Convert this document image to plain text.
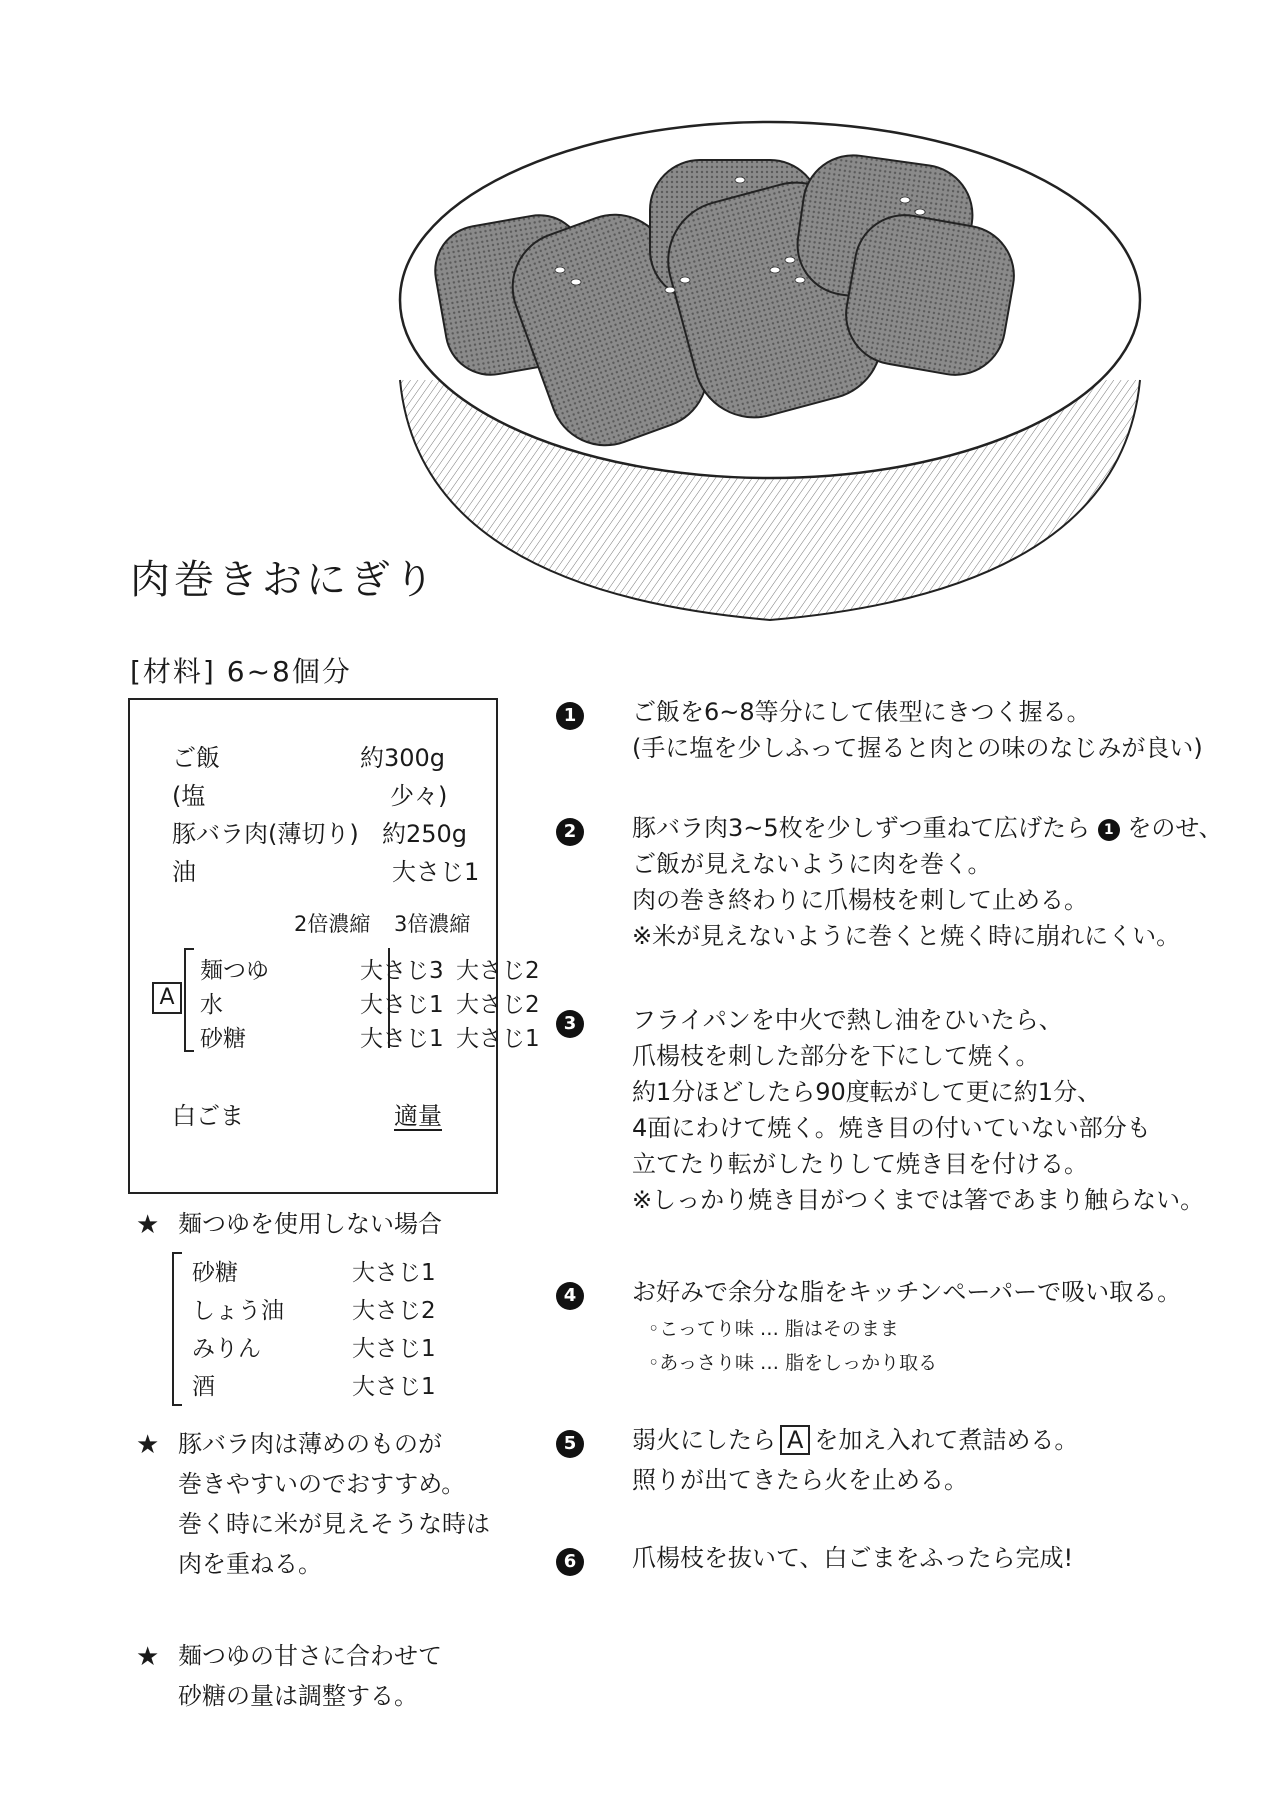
肉巻きおにぎり
[材料] 6~8個分
ご飯	約300g
(塩	少々)
豚バラ肉(薄切り) 約250g
油	大さじ1
2倍濃縮 3倍濃縮
A
麺つゆ	大さじ3 大さじ2
水	大さじ1 大さじ2
砂糖	大さじ1 大さじ1
白ごま	適量
★ 麺つゆを使用しない場合
砂糖	大さじ1
しょう油	大さじ2
みりん	大さじ1
酒	大さじ1
★ 豚バラ肉は薄めのものが
巻きやすいのでおすすめ。
巻く時に米が見えそうな時は
肉を重ねる。
★ 麺つゆの甘さに合わせて
砂糖の量は調整する。
1	ご飯を6~8等分にして俵型にきつく握る。
(手に塩を少しふって握ると肉との味のなじみが良い)
2	豚バラ肉3~5枚を少しずつ重ねて広げたら 1 をのせ、
ご飯が見えないように肉を巻く。
肉の巻き終わりに爪楊枝を刺して止める。
※米が見えないように巻くと焼く時に崩れにくい。
3	フライパンを中火で熱し油をひいたら、
爪楊枝を刺した部分を下にして焼く。
約1分ほどしたら90度転がして更に約1分、
4面にわけて焼く。焼き目の付いていない部分も
立てたり転がしたりして焼き目を付ける。
※しっかり焼き目がつくまでは箸であまり触らない。
4	お好みで余分な脂をキッチンペーパーで吸い取る。
◦こってり味 … 脂はそのまま
◦あっさり味 … 脂をしっかり取る
5	弱火にしたら A を加え入れて煮詰める。
照りが出てきたら火を止める。
6	爪楊枝を抜いて、白ごまをふったら完成!
